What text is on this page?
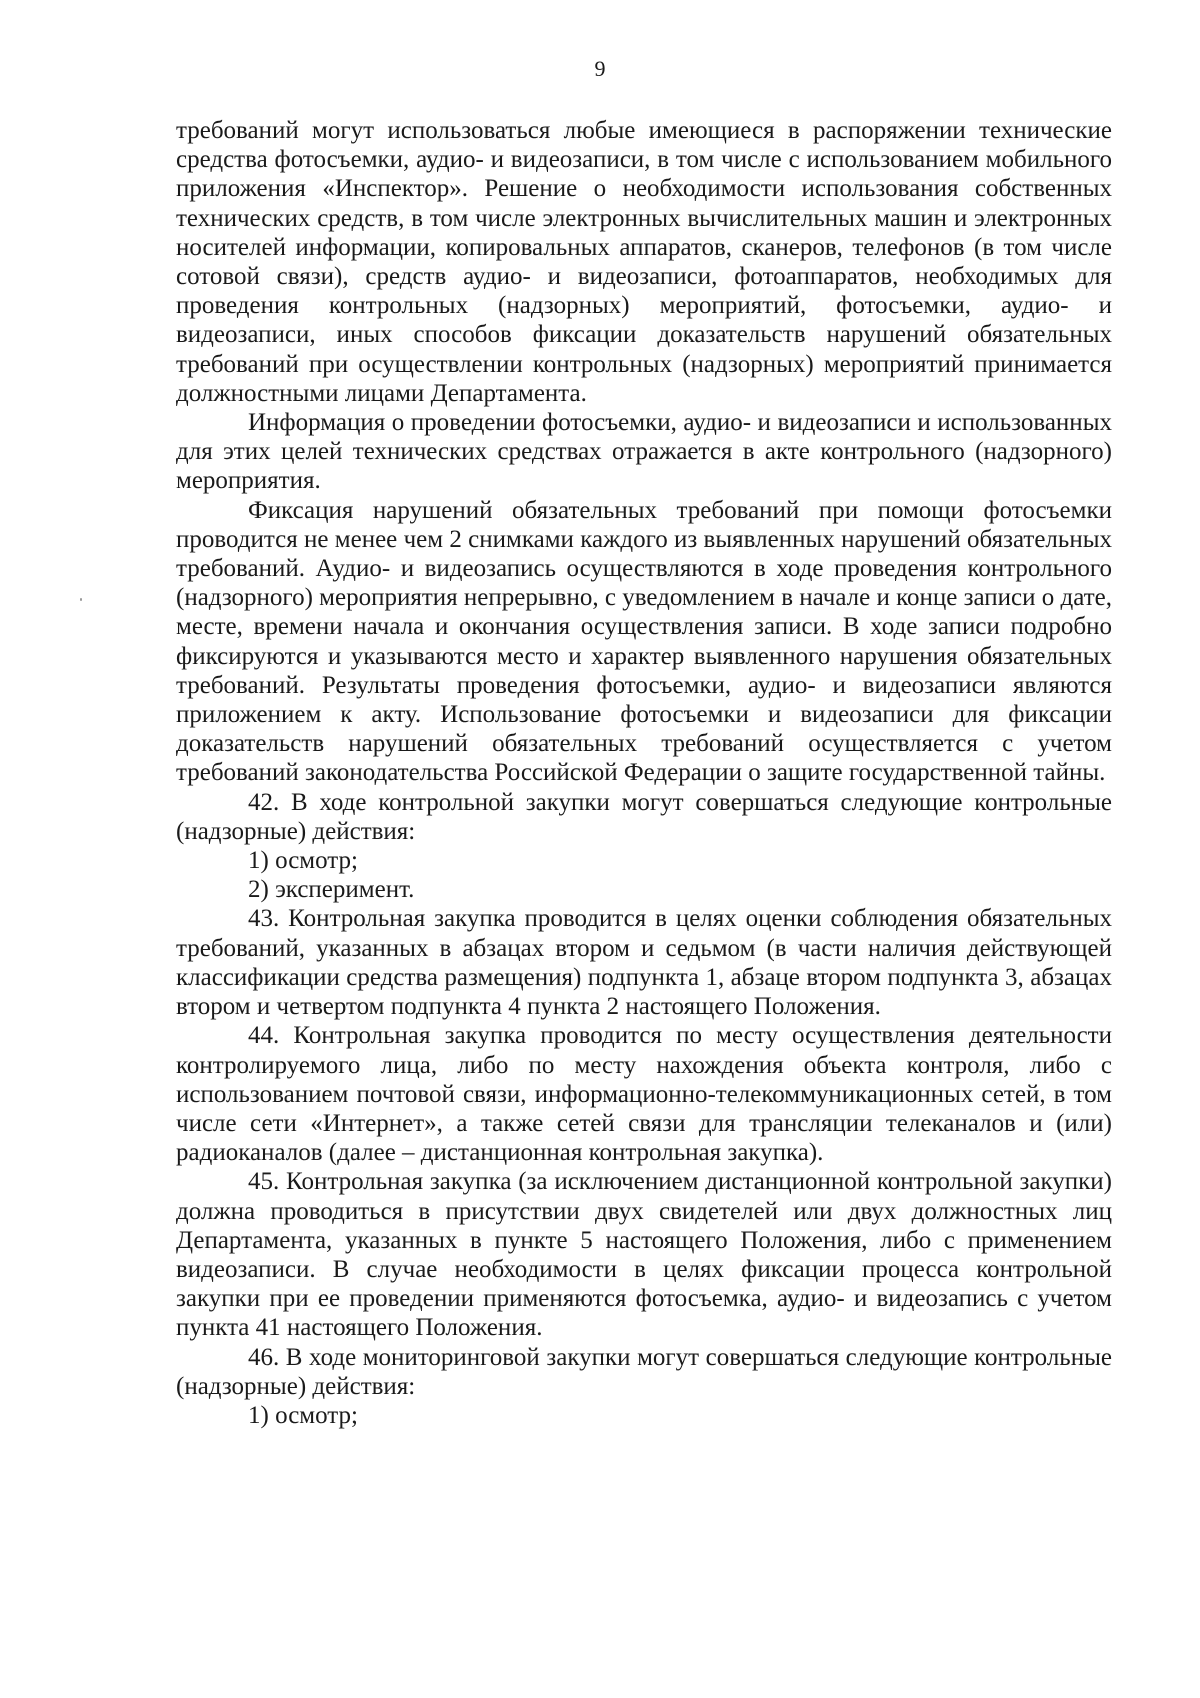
9

требований могут использоваться любые имеющиеся в распоряжении технические средства фотосъемки, аудио- и видеозаписи, в том числе с использованием мобильного приложения «Инспектор». Решение о необходимости использования собственных технических средств, в том числе электронных вычислительных машин и электронных носителей информации, копировальных аппаратов, сканеров, телефонов (в том числе сотовой связи), средств аудио- и видеозаписи, фотоаппаратов, необходимых для проведения контрольных (надзорных) мероприятий, фотосъемки, аудио- и видеозаписи, иных способов фиксации доказательств нарушений обязательных требований при осуществлении контрольных (надзорных) мероприятий принимается должностными лицами Департамента.

Информация о проведении фотосъемки, аудио- и видеозаписи и использованных для этих целей технических средствах отражается в акте контрольного (надзорного) мероприятия.

Фиксация нарушений обязательных требований при помощи фотосъемки проводится не менее чем 2 снимками каждого из выявленных нарушений обязательных требований. Аудио- и видеозапись осуществляются в ходе проведения контрольного (надзорного) мероприятия непрерывно, с уведомлением в начале и конце записи о дате, месте, времени начала и окончания осуществления записи. В ходе записи подробно фиксируются и указываются место и характер выявленного нарушения обязательных требований. Результаты проведения фотосъемки, аудио- и видеозаписи являются приложением к акту. Использование фотосъемки и видеозаписи для фиксации доказательств нарушений обязательных требований осуществляется с учетом требований законодательства Российской Федерации о защите государственной тайны.

42. В ходе контрольной закупки могут совершаться следующие контрольные (надзорные) действия:

1) осмотр;

2) эксперимент.

43. Контрольная закупка проводится в целях оценки соблюдения обязательных требований, указанных в абзацах втором и седьмом (в части наличия действующей классификации средства размещения) подпункта 1, абзаце втором подпункта 3, абзацах втором и четвертом подпункта 4 пункта 2 настоящего Положения.

44. Контрольная закупка проводится по месту осуществления деятельности контролируемого лица, либо по месту нахождения объекта контроля, либо с использованием почтовой связи, информационно-телекоммуникационных сетей, в том числе сети «Интернет», а также сетей связи для трансляции телеканалов и (или) радиоканалов (далее – дистанционная контрольная закупка).

45. Контрольная закупка (за исключением дистанционной контрольной закупки) должна проводиться в присутствии двух свидетелей или двух должностных лиц Департамента, указанных в пункте 5 настоящего Положения, либо с применением видеозаписи. В случае необходимости в целях фиксации процесса контрольной закупки при ее проведении применяются фотосъемка, аудио- и видеозапись с учетом пункта 41 настоящего Положения.

46. В ходе мониторинговой закупки могут совершаться следующие контрольные (надзорные) действия:

1) осмотр;
